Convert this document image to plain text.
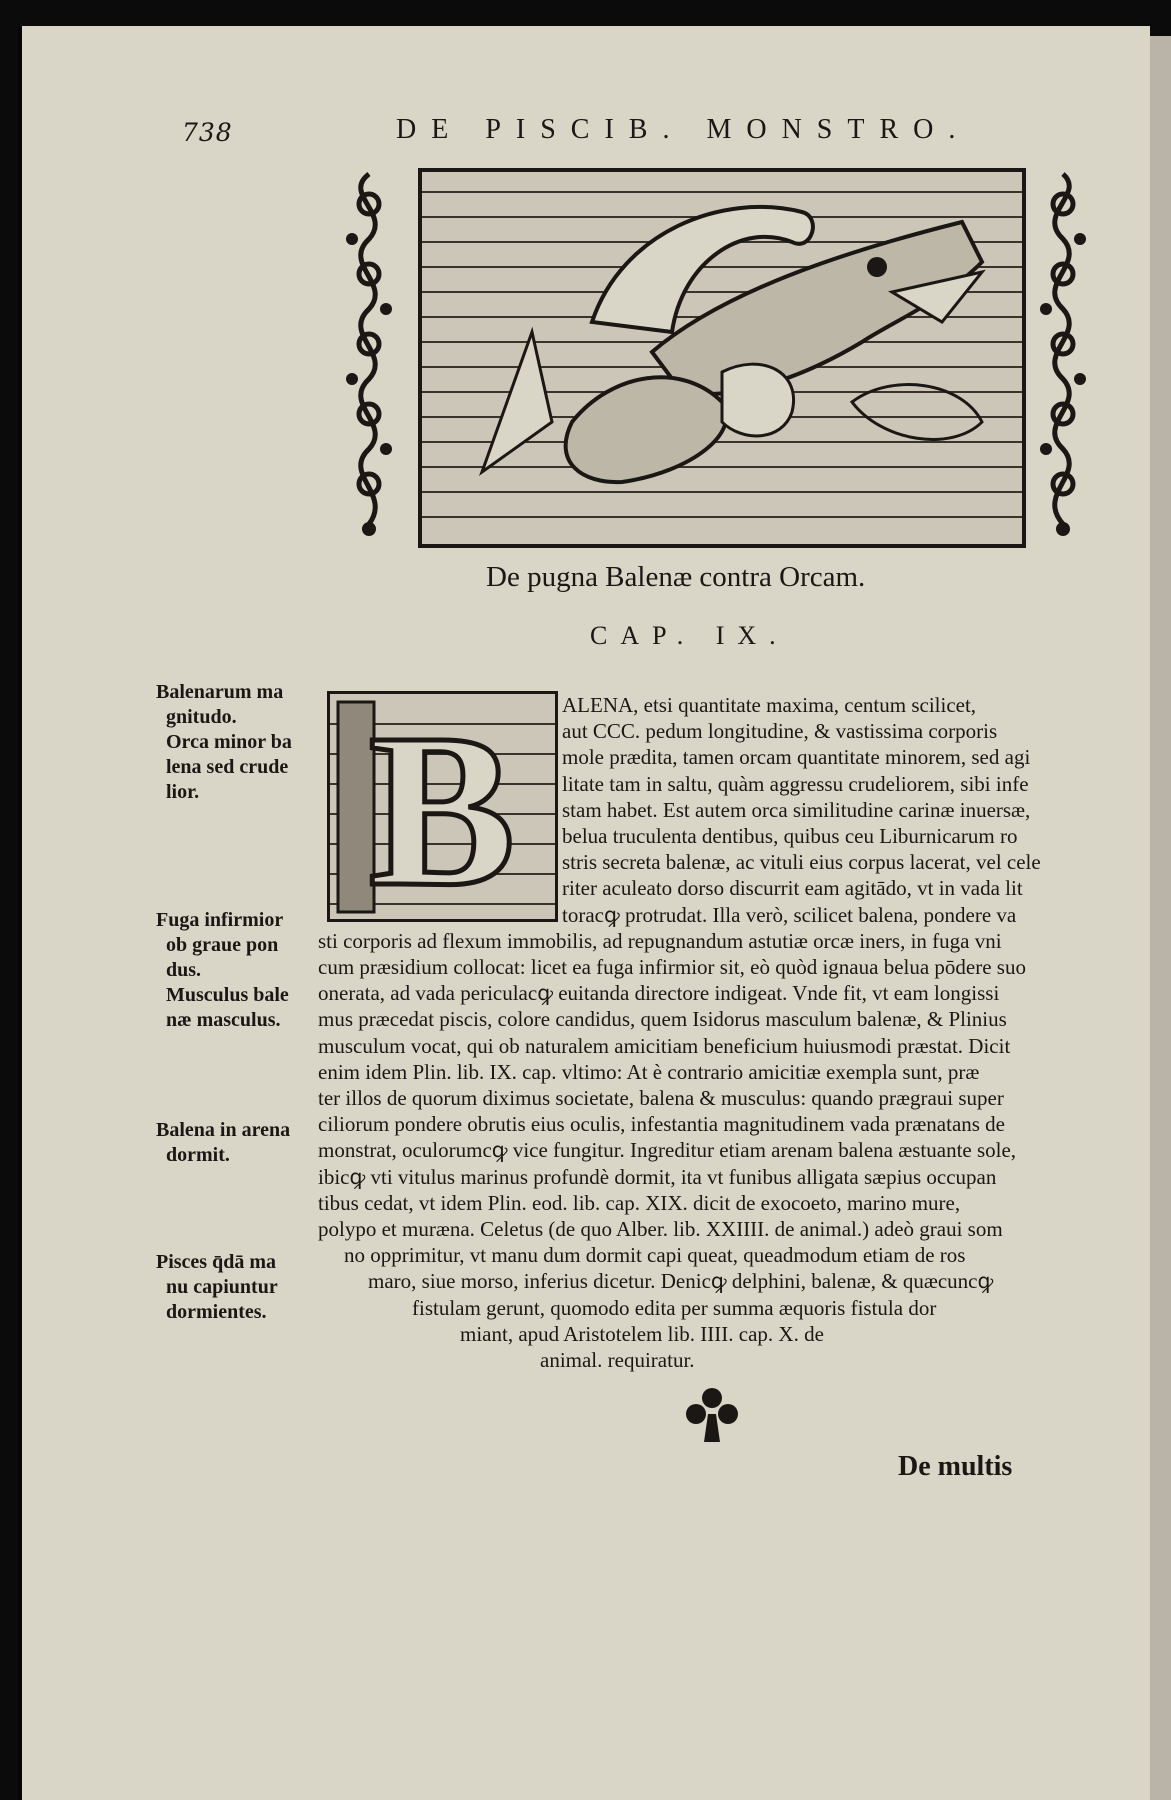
738	DE PISCIB. MONSTRO.
De pugna Balenæ contra Orcam.
CAP. IX.
B ALENA, etsi quantitate maxima, centum scilicet,
aut CCC. pedum longitudine, & vastissima corporis
mole prædita, tamen orcam quantitate minorem, sed agi
litate tam in saltu, quàm aggressu crudeliorem, sibi infe
stam habet. Est autem orca similitudine carinæ inuersæ,
belua truculenta dentibus, quibus ceu Liburnicarum ro
stris secreta balenæ, ac vituli eius corpus lacerat, vel cele
riter aculeato dorso discurrit eam agitādo, vt in vada lit
toracꝙ protrudat. Illa verò, scilicet balena, pondere va
sti corporis ad flexum immobilis, ad repugnandum astutiæ orcæ iners, in fuga vni
cum præsidium collocat: licet ea fuga infirmior sit, eò quòd ignaua belua pōdere suo
onerata, ad vada periculacꝙ euitanda directore indigeat. Vnde fit, vt eam longissi
mus præcedat piscis, colore candidus, quem Isidorus masculum balenæ, & Plinius
musculum vocat, qui ob naturalem amicitiam beneficium huiusmodi præstat. Dicit
enim idem Plin. lib. IX. cap. vltimo: At è contrario amicitiæ exempla sunt, præ
ter illos de quorum diximus societate, balena & musculus: quando prægraui super
ciliorum pondere obrutis eius oculis, infestantia magnitudinem vada prænatans de
monstrat, oculorumcꝙ vice fungitur. Ingreditur etiam arenam balena æstuante sole,
ibicꝙ vti vitulus marinus profundè dormit, ita vt funibus alligata sæpius occupan
tibus cedat, vt idem Plin. eod. lib. cap. XIX. dicit de exocoeto, marino mure,
polypo et murænа. Celetus (de quo Alber. lib. XXIIII. de animal.) adeò graui som
no opprimitur, vt manu dum dormit capi queat, queadmodum etiam de ros
maro, siue morso, inferius dicetur. Denicꝙ delphini, balenæ, & quæcuncꝙ
fistulam gerunt, quomodo edita per summa æquoris fistula dor
miant, apud Aristotelem lib. IIII. cap. X. de
animal. requiratur.
Balenarum ma
gnitudo.
Orca minor ba
lena sed crude
lior.
Fuga infirmior
ob graue pon
dus.
Musculus bale
næ masculus.
Balena in arena
dormit.
Pisces q̄dā ma
nu capiuntur
dormientes.
De multis
